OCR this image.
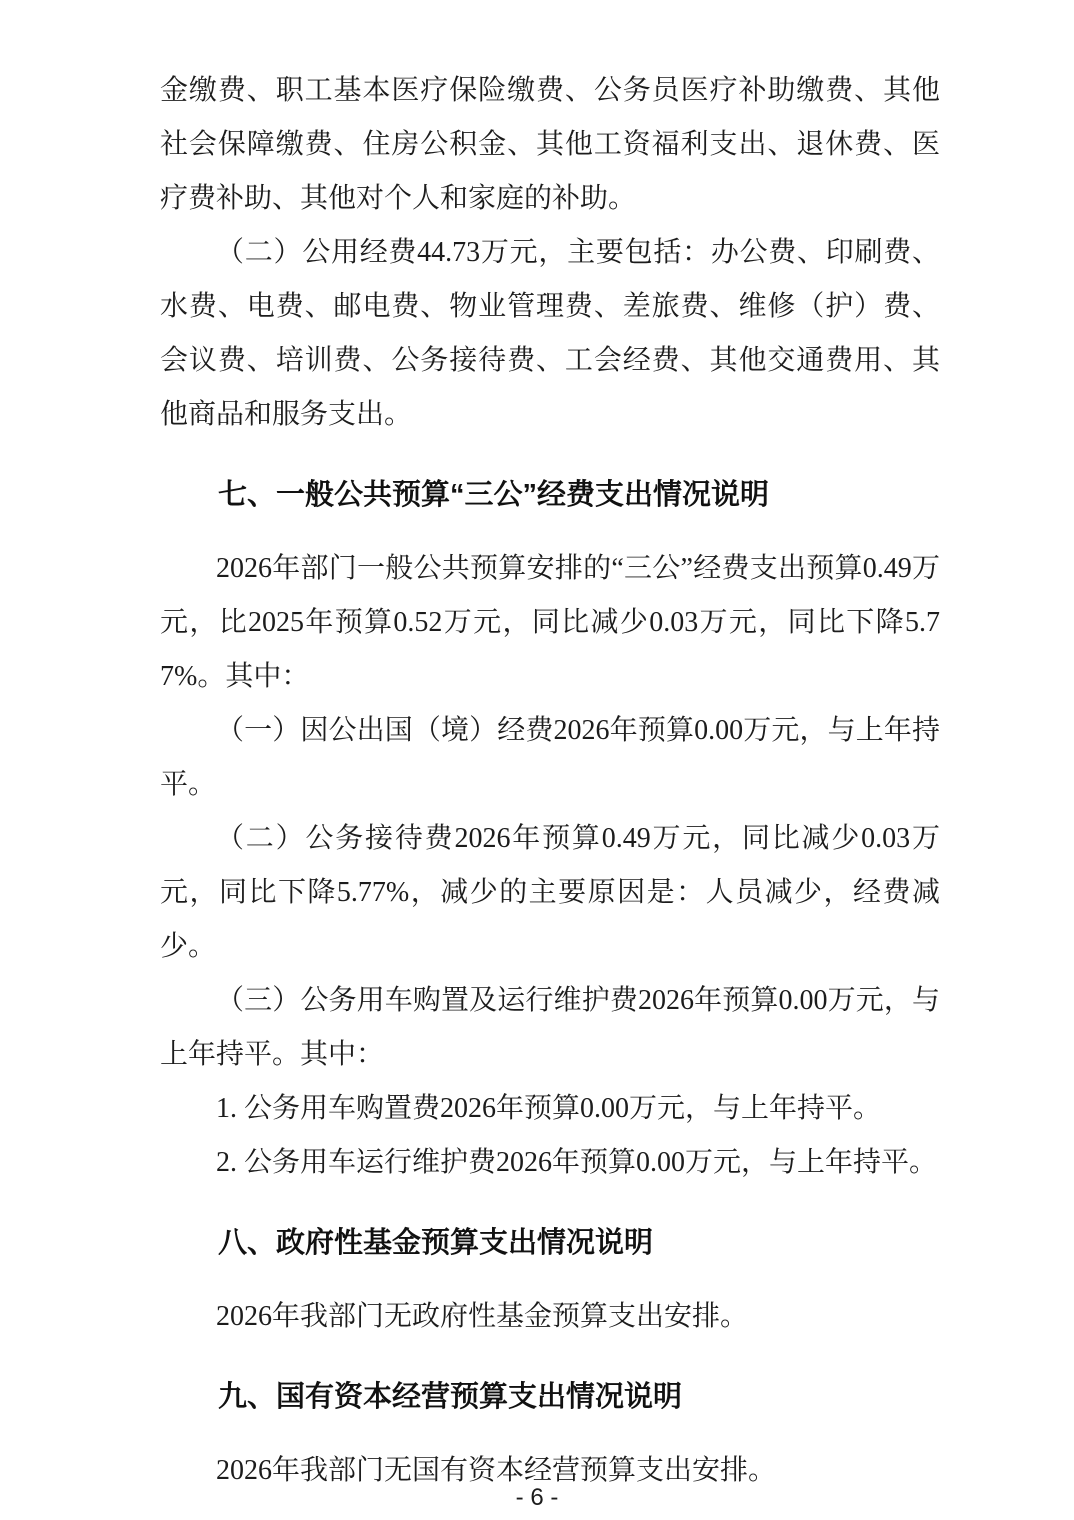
金缴费、职工基本医疗保险缴费、公务员医疗补助缴费、其他社会保障缴费、住房公积金、其他工资福利支出、退休费、医疗费补助、其他对个人和家庭的补助。

（二）公用经费44.73万元，主要包括：办公费、印刷费、水费、电费、邮电费、物业管理费、差旅费、维修（护）费、会议费、培训费、公务接待费、工会经费、其他交通费用、其他商品和服务支出。

七、一般公共预算“三公”经费支出情况说明

2026年部门一般公共预算安排的“三公”经费支出预算0.49万元，比2025年预算0.52万元，同比减少0.03万元，同比下降5.77%。其中：

（一）因公出国（境）经费2026年预算0.00万元，与上年持平。

（二）公务接待费2026年预算0.49万元，同比减少0.03万元，同比下降5.77%，减少的主要原因是：人员减少，经费减少。

（三）公务用车购置及运行维护费2026年预算0.00万元，与上年持平。其中：

1. 公务用车购置费2026年预算0.00万元，与上年持平。

2. 公务用车运行维护费2026年预算0.00万元，与上年持平。

八、政府性基金预算支出情况说明

2026年我部门无政府性基金预算支出安排。

九、国有资本经营预算支出情况说明

2026年我部门无国有资本经营预算支出安排。

- 6 -
